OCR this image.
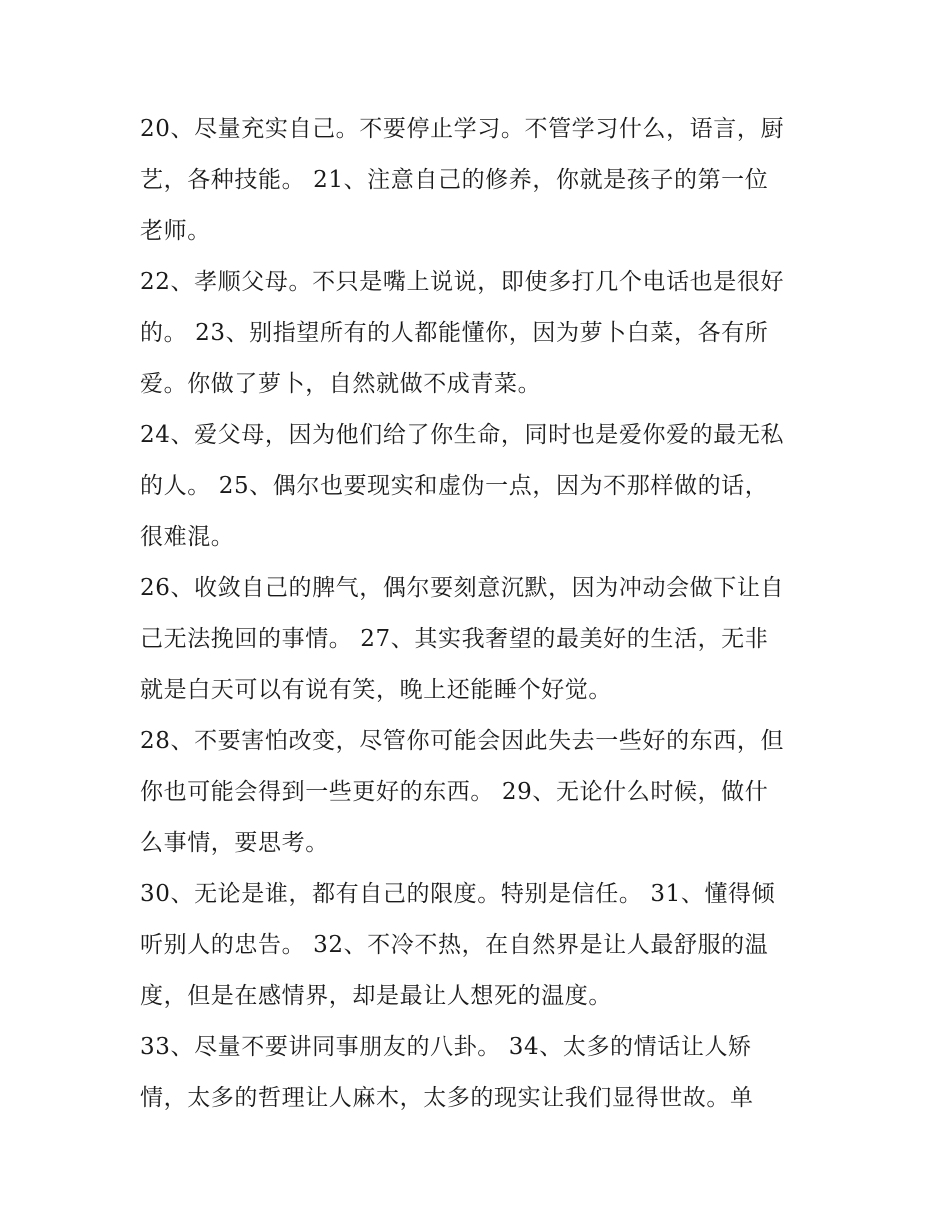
20、尽量充实自己。不要停止学习。不管学习什么，语言，厨
艺，各种技能。 21、注意自己的修养，你就是孩子的第一位
老师。
22、孝顺父母。不只是嘴上说说，即使多打几个电话也是很好
的。 23、别指望所有的人都能懂你，因为萝卜白菜，各有所
爱。你做了萝卜，自然就做不成青菜。
24、爱父母，因为他们给了你生命，同时也是爱你爱的最无私
的人。 25、偶尔也要现实和虚伪一点，因为不那样做的话，
很难混。
26、收敛自己的脾气，偶尔要刻意沉默，因为冲动会做下让自
己无法挽回的事情。 27、其实我奢望的最美好的生活，无非
就是白天可以有说有笑，晚上还能睡个好觉。
28、不要害怕改变，尽管你可能会因此失去一些好的东西，但
你也可能会得到一些更好的东西。 29、无论什么时候，做什
么事情，要思考。
30、无论是谁，都有自己的限度。特别是信任。 31、懂得倾
听别人的忠告。 32、不冷不热，在自然界是让人最舒服的温
度，但是在感情界，却是最让人想死的温度。
33、尽量不要讲同事朋友的八卦。 34、太多的情话让人矫
情，太多的哲理让人麻木，太多的现实让我们显得世故。单
